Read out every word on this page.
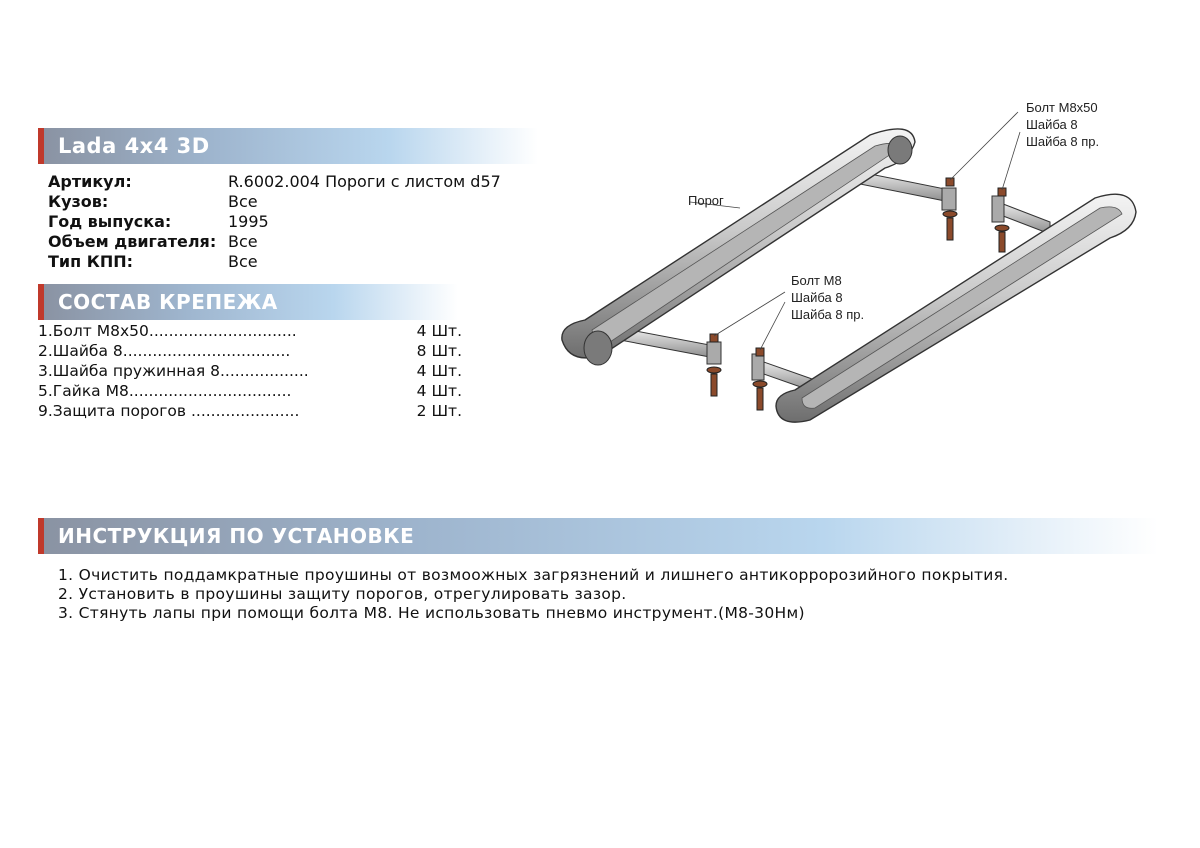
Lada 4x4 3D
Артикул:	R.6002.004 Пороги с листом d57
Кузов:	Все
Год выпуска:	1995
Объем двигателя: Все
Тип КПП:	Все
СОСТАВ КРЕПЕЖА
1.Болт М8х50..............................	4 Шт.
2.Шайба 8..................................	8 Шт.
3.Шайба пружинная 8..................	4 Шт.
5.Гайка М8.................................	4 Шт.
9.Защита порогов ......................	2 Шт.
Порог
Болт М8х50
Шайба 8
Шайба 8 пр.
Болт М8
Шайба 8
Шайба 8 пр.
ИНСТРУКЦИЯ ПО УСТАНОВКЕ
1. Очистить поддамкратные проушины от возмоожных загрязнений и лишнего антикорророзийного покрытия.
2. Установить в проушины защиту порогов, отрегулировать зазор.
3. Стянуть лапы при помощи болта М8. Не использовать пневмо инструмент.(М8-30Нм)
